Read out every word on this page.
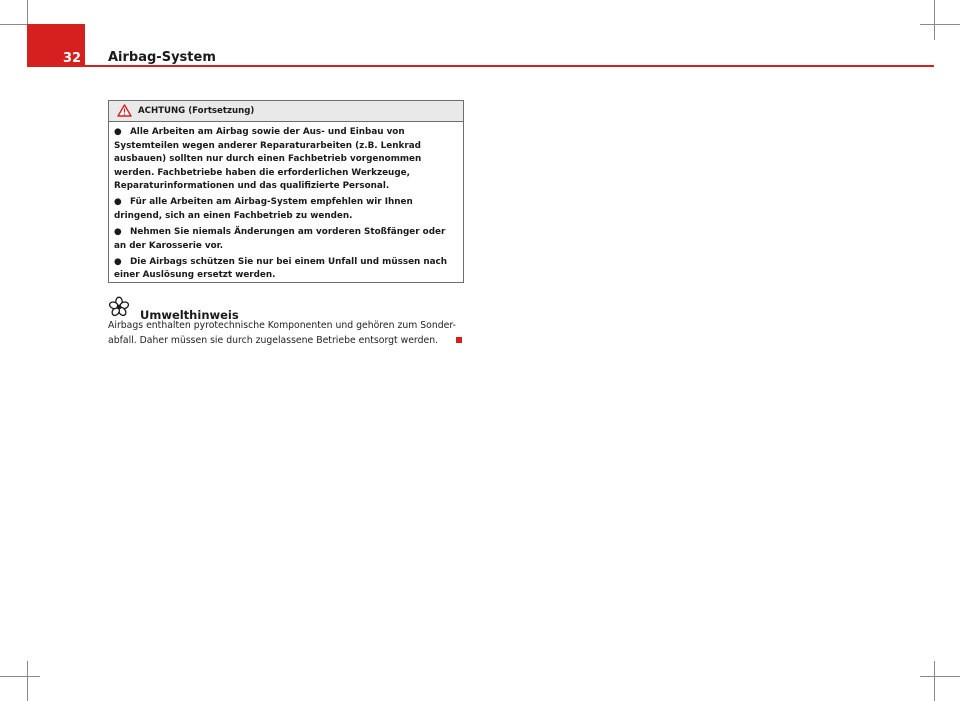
32	Airbag-System
ACHTUNG (Fortsetzung)

● Alle Arbeiten am Airbag sowie der Aus- und Einbau von Systemteilen wegen anderer Reparaturarbeiten (z.B. Lenkrad ausbauen) sollten nur durch einen Fachbetrieb vorgenommen werden. Fachbetriebe haben die erforderlichen Werkzeuge, Reparaturinformationen und das qualifizierte Personal.

● Für alle Arbeiten am Airbag-System empfehlen wir Ihnen dringend, sich an einen Fachbetrieb zu wenden.

● Nehmen Sie niemals Änderungen am vorderen Stoßfänger oder an der Karosserie vor.

● Die Airbags schützen Sie nur bei einem Unfall und müssen nach einer Auslösung ersetzt werden.

Umwelthinweis
Airbags enthalten pyrotechnische Komponenten und gehören zum Sonder-abfall. Daher müssen sie durch zugelassene Betriebe entsorgt werden.
